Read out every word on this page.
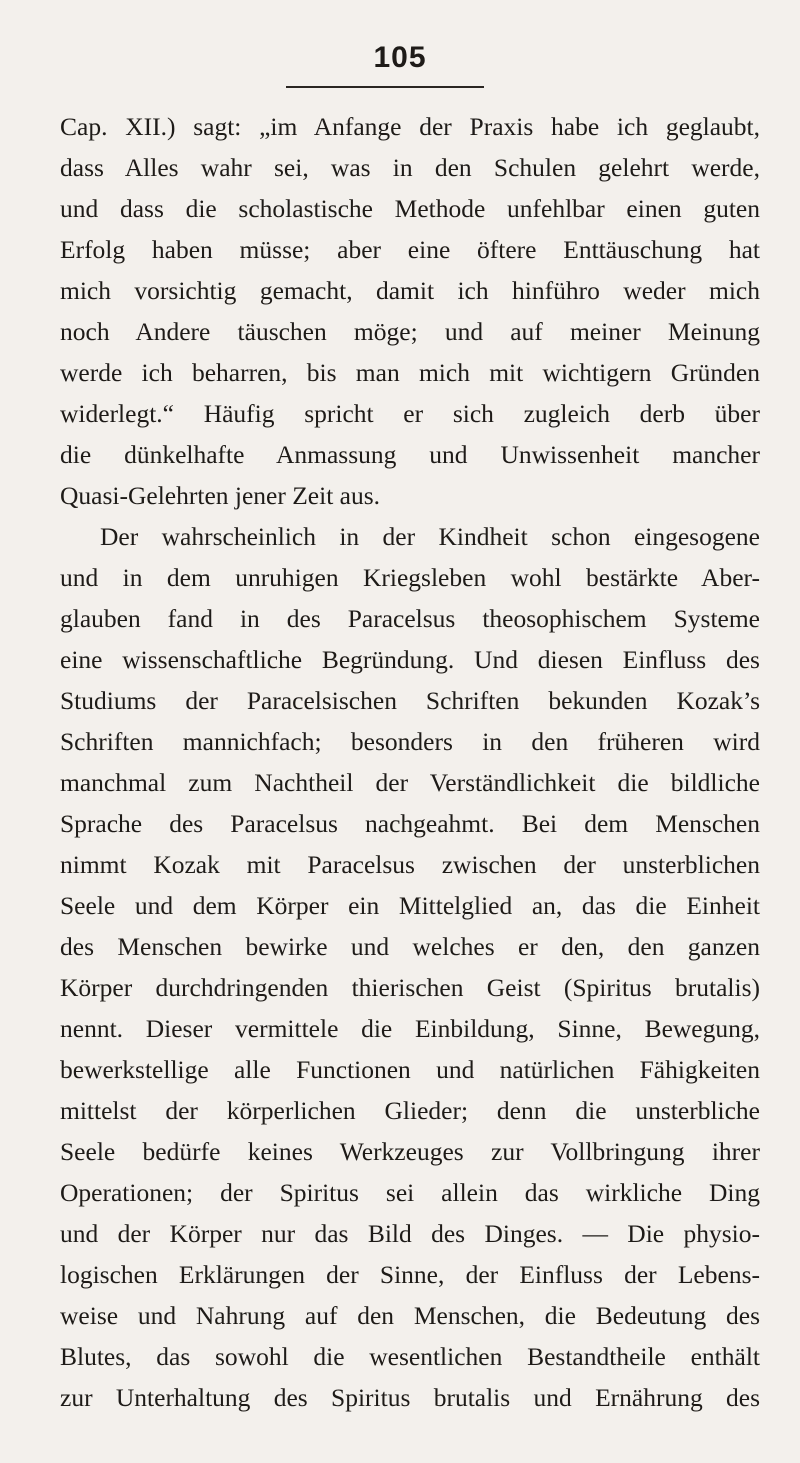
105
Cap. XII.) sagt: „im Anfange der Praxis habe ich geglaubt,
dass Alles wahr sei, was in den Schulen gelehrt werde,
und dass die scholastische Methode unfehlbar einen guten
Erfolg haben müsse; aber eine öftere Enttäuschung hat
mich vorsichtig gemacht, damit ich hinführo weder mich
noch Andere täuschen möge; und auf meiner Meinung
werde ich beharren, bis man mich mit wichtigern Gründen
widerlegt.“ Häufig spricht er sich zugleich derb über
die dünkelhafte Anmassung und Unwissenheit mancher
Quasi-Gelehrten jener Zeit aus.
Der wahrscheinlich in der Kindheit schon eingesogene
und in dem unruhigen Kriegsleben wohl bestärkte Aber-
glauben fand in des Paracelsus theosophischem Systeme
eine wissenschaftliche Begründung. Und diesen Einfluss des
Studiums der Paracelsischen Schriften bekunden Kozak’s
Schriften mannichfach; besonders in den früheren wird
manchmal zum Nachtheil der Verständlichkeit die bildliche
Sprache des Paracelsus nachgeahmt. Bei dem Menschen
nimmt Kozak mit Paracelsus zwischen der unsterblichen
Seele und dem Körper ein Mittelglied an, das die Einheit
des Menschen bewirke und welches er den, den ganzen
Körper durchdringenden thierischen Geist (Spiritus brutalis)
nennt. Dieser vermittele die Einbildung, Sinne, Bewegung,
bewerkstellige alle Functionen und natürlichen Fähigkeiten
mittelst der körperlichen Glieder; denn die unsterbliche
Seele bedürfe keines Werkzeuges zur Vollbringung ihrer
Operationen; der Spiritus sei allein das wirkliche Ding
und der Körper nur das Bild des Dinges. — Die physio-
logischen Erklärungen der Sinne, der Einfluss der Lebens-
weise und Nahrung auf den Menschen, die Bedeutung des
Blutes, das sowohl die wesentlichen Bestandtheile enthält
zur Unterhaltung des Spiritus brutalis und Ernährung des
